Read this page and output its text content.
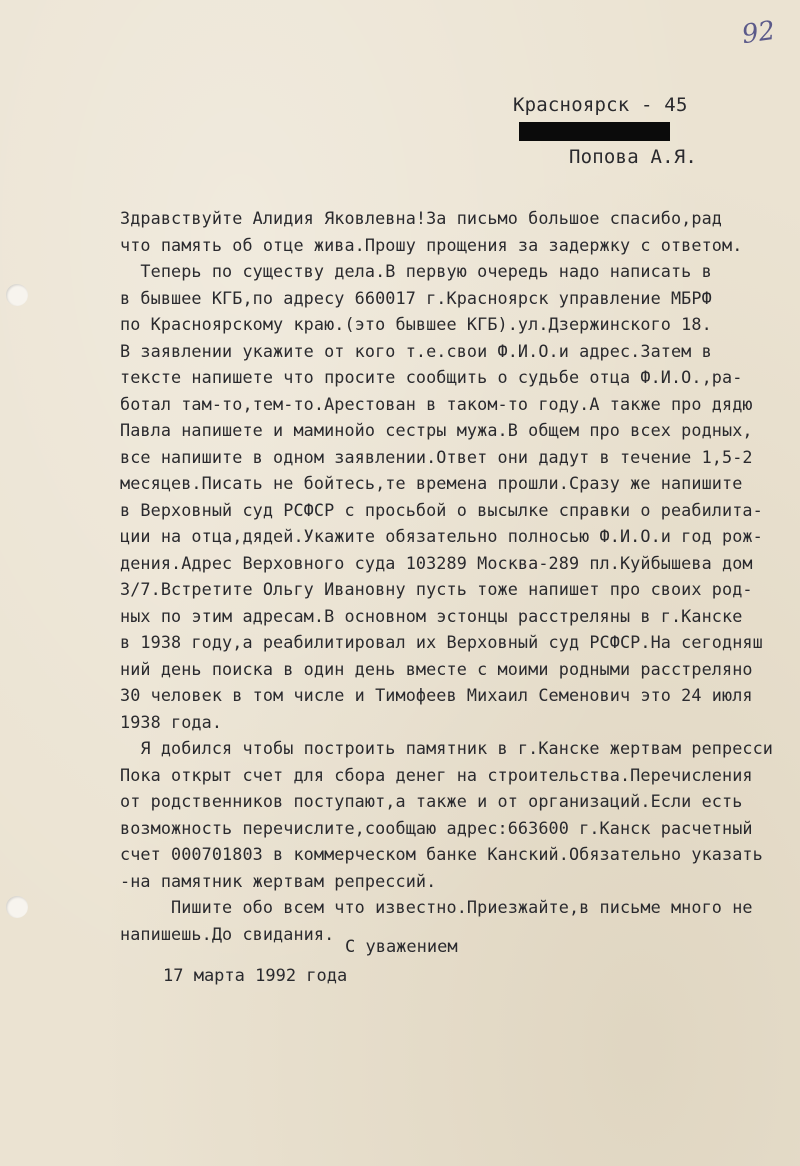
92
Красноярск - 45
Попова А.Я.
Здравствуйте Алидия Яковлевна!За письмо большое спасибо,рад
что память об отце жива.Прошу прощения за задержку с ответом.
Теперь по существу дела.В первую очередь надо написать в
в бывшее КГБ,по адресу 660017 г.Красноярск управление МБРФ
по Красноярскому краю.(это бывшее КГБ).ул.Дзержинского 18.
В заявлении укажите от кого т.е.свои Ф.И.О.и адрес.Затем в
тексте напишете что просите сообщить о судьбе отца Ф.И.О.,ра-
ботал там-то,тем-то.Арестован в таком-то году.А также про дядю
Павла напишете и маминойо сестры мужа.В общем про всех родных,
все напишите в одном заявлении.Ответ они дадут в течение 1,5-2
месяцев.Писать не бойтесь,те времена прошли.Сразу же напишите
в Верховный суд РСФСР с просьбой о высылке справки о реабилита-
ции на отца,дядей.Укажите обязательно полносью Ф.И.О.и год рож-
дения.Адрес Верховного суда 103289 Москва-289 пл.Куйбышева дом
3/7.Встретите Ольгу Ивановну пусть тоже напишет про своих род-
ных по этим адресам.В основном эстонцы расстреляны в г.Канске
в 1938 году,а реабилитировал их Верховный суд РСФСР.На сегодняш
ний день поиска в один день вместе с моими родными расстреляно
30 человек в том числе и Тимофеев Михаил Семенович это 24 июля
1938 года.
Я добился чтобы построить памятник в г.Канске жертвам репресси
Пока открыт счет для сбора денег на строительства.Перечисления
от родственников поступают,а также и от организаций.Если есть
возможность перечислите,сообщаю адрес:663600 г.Канск расчетный
счет 000701803 в коммерческом банке Канский.Обязательно указать
-на памятник жертвам репрессий.
Пишите обо всем что известно.Приезжайте,в письме много не
напишешь.До свидания.
С уважением
17 марта 1992 года
